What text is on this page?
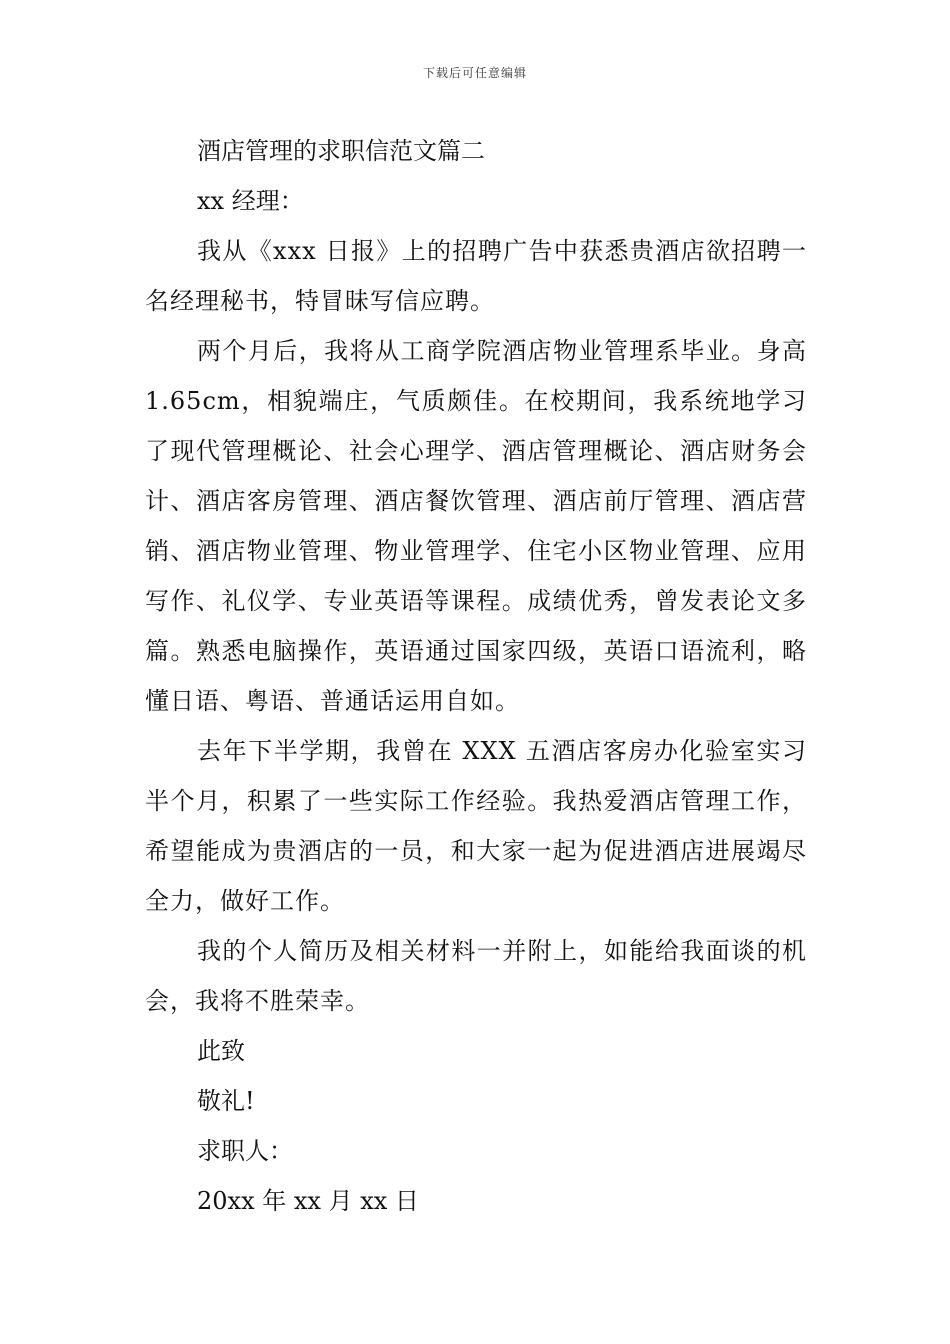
下载后可任意编辑

酒店管理的求职信范文篇二

xx 经理：

我从《xxx 日报》上的招聘广告中获悉贵酒店欲招聘一名经理秘书，特冒昧写信应聘。

两个月后，我将从工商学院酒店物业管理系毕业。身高 1.65cm，相貌端庄，气质颇佳。在校期间，我系统地学习了现代管理概论、社会心理学、酒店管理概论、酒店财务会计、酒店客房管理、酒店餐饮管理、酒店前厅管理、酒店营销、酒店物业管理、物业管理学、住宅小区物业管理、应用写作、礼仪学、专业英语等课程。成绩优秀，曾发表论文多篇。熟悉电脑操作，英语通过国家四级，英语口语流利，略懂日语、粤语、普通话运用自如。

去年下半学期，我曾在 XXX 五酒店客房办化验室实习半个月，积累了一些实际工作经验。我热爱酒店管理工作，希望能成为贵酒店的一员，和大家一起为促进酒店进展竭尽全力，做好工作。

我的个人简历及相关材料一并附上，如能给我面谈的机会，我将不胜荣幸。

此致

敬礼!

求职人：

20xx 年 xx 月 xx 日
